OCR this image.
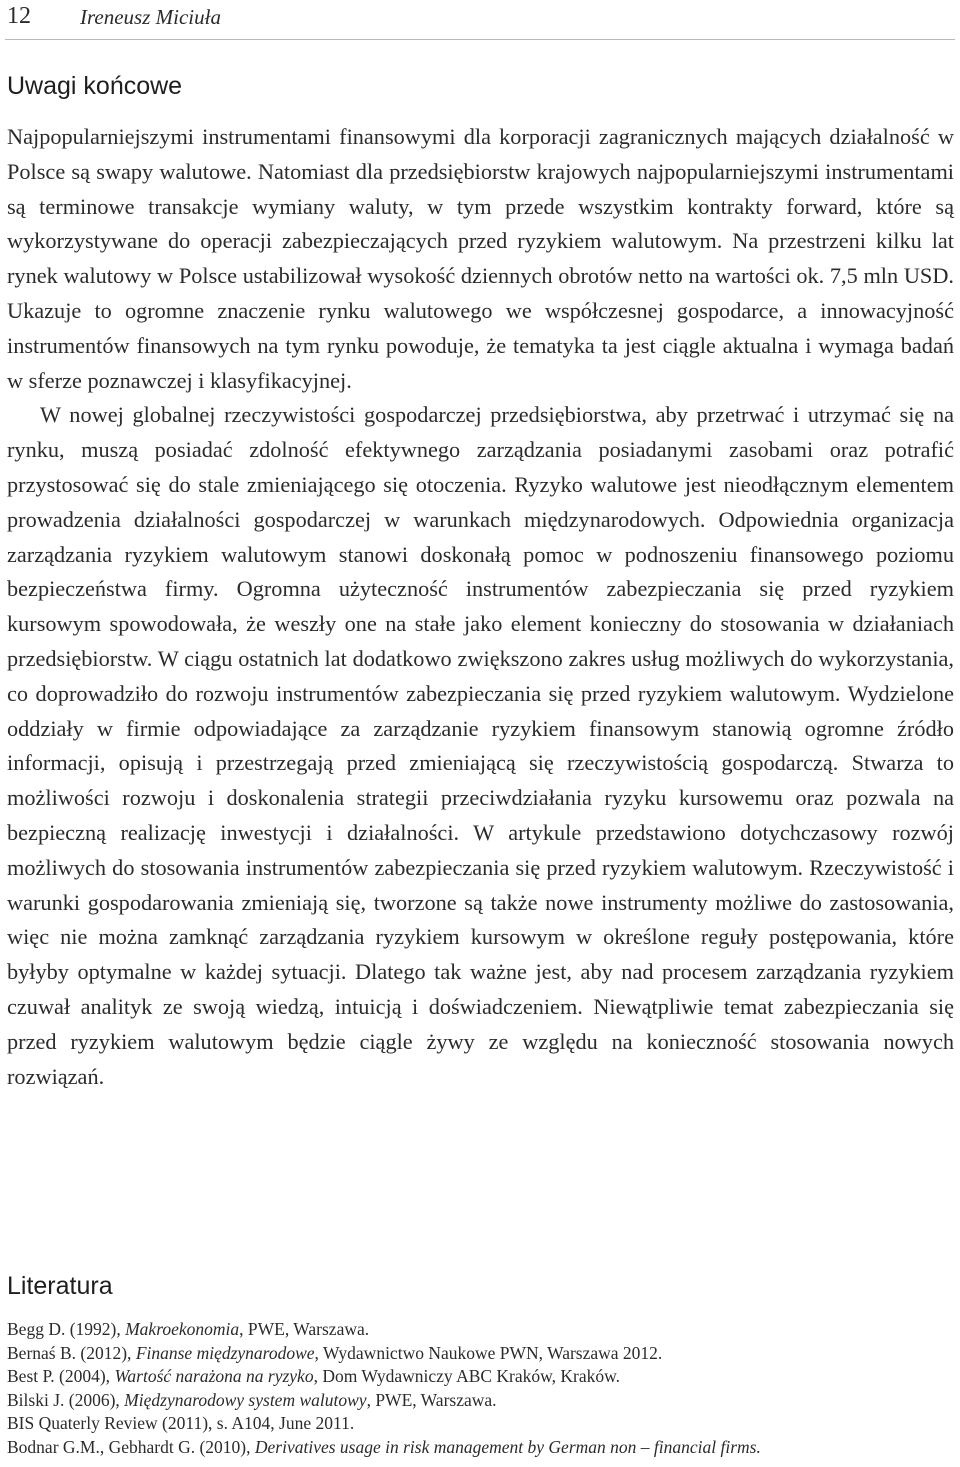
12 Ireneusz Miciuła
Uwagi końcowe

Najpopularniejszymi instrumentami finansowymi dla korporacji zagranicznych mających działalność w Polsce są swapy walutowe. Natomiast dla przedsiębiorstw krajowych najpopularniejszymi instrumentami są terminowe transakcje wymiany waluty, w tym przede wszystkim kontrakty forward, które są wykorzystywane do operacji zabezpieczających przed ryzykiem walutowym. Na przestrzeni kilku lat rynek walutowy w Polsce ustabilizował wysokość dziennych obrotów netto na wartości ok. 7,5 mln USD. Ukazuje to ogromne znaczenie rynku walutowego we współczesnej gospodarce, a innowacyjność instrumentów finansowych na tym rynku powoduje, że tematyka ta jest ciągle aktualna i wymaga badań w sferze poznawczej i klasyfikacyjnej.

W nowej globalnej rzeczywistości gospodarczej przedsiębiorstwa, aby przetrwać i utrzymać się na rynku, muszą posiadać zdolność efektywnego zarządzania posiadanymi zasobami oraz potrafić przystosować się do stale zmieniającego się otoczenia. Ryzyko walutowe jest nieodłącznym elementem prowadzenia działalności gospodarczej w warunkach międzynarodowych. Odpowiednia organizacja zarządzania ryzykiem walutowym stanowi doskonałą pomoc w podnoszeniu finansowego poziomu bezpieczeństwa firmy. Ogromna użyteczność instrumentów zabezpieczania się przed ryzykiem kursowym spowodowała, że weszły one na stałe jako element konieczny do stosowania w działaniach przedsiębiorstw. W ciągu ostatnich lat dodatkowo zwiększono zakres usług możliwych do wykorzystania, co doprowadziło do rozwoju instrumentów zabezpieczania się przed ryzykiem walutowym. Wydzielone oddziały w firmie odpowiadające za zarządzanie ryzykiem finansowym stanowią ogromne źródło informacji, opisują i przestrzegają przed zmieniającą się rzeczywistością gospodarczą. Stwarza to możliwości rozwoju i doskonalenia strategii przeciwdziałania ryzyku kursowemu oraz pozwala na bezpieczną realizację inwestycji i działalności. W artykule przedstawiono dotychczasowy rozwój możliwych do stosowania instrumentów zabezpieczania się przed ryzykiem walutowym. Rzeczywistość i warunki gospodarowania zmieniają się, tworzone są także nowe instrumenty możliwe do zastosowania, więc nie można zamknąć zarządzania ryzykiem kursowym w określone reguły postępowania, które byłyby optymalne w każdej sytuacji. Dlatego tak ważne jest, aby nad procesem zarządzania ryzykiem czuwał analityk ze swoją wiedzą, intuicją i doświadczeniem. Niewątpliwie temat zabezpieczania się przed ryzykiem walutowym będzie ciągle żywy ze względu na konieczność stosowania nowych rozwiązań.

Literatura
Begg D. (1992), Makroekonomia, PWE, Warszawa.
Bernaś B. (2012), Finanse międzynarodowe, Wydawnictwo Naukowe PWN, Warszawa 2012.
Best P. (2004), Wartość narażona na ryzyko, Dom Wydawniczy ABC Kraków, Kraków.
Bilski J. (2006), Międzynarodowy system walutowy, PWE, Warszawa.
BIS Quaterly Review (2011), s. A104, June 2011.
Bodnar G.M., Gebhardt G. (2010), Derivatives usage in risk management by German non – financial firms.
